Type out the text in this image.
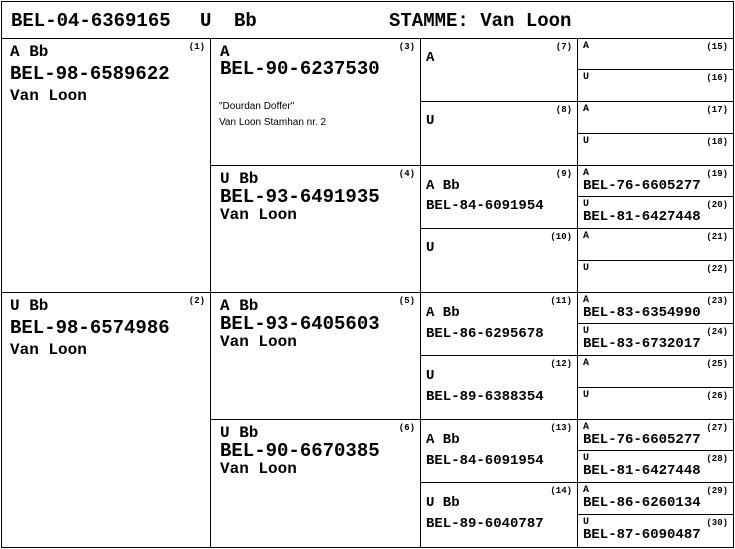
BEL-04-6369165 U Bb	STAMME: Van Loon
(1)
A Bb
BEL-98-6589622
Van Loon
(2)
U Bb
BEL-98-6574986
Van Loon
(3)
A
BEL-90-6237530
"Dourdan Doffer"
Van Loon Stamhan nr. 2
(4)
U Bb
BEL-93-6491935
Van Loon
(5)
A Bb
BEL-93-6405603
Van Loon
(6)
U Bb
BEL-90-6670385
Van Loon
(7)
A
(8)
U
(9)
A Bb
BEL-84-6091954
(10)
U
(11)
A Bb
BEL-86-6295678
(12)
U
BEL-89-6388354
(13)
A Bb
BEL-84-6091954
(14)
U Bb
BEL-89-6040787
(15)
A
(16)
U
(17)
A
(18)
U
(19)
A
BEL-76-6605277
(20)
U
BEL-81-6427448
(21)
A
(22)
U
(23)
A
BEL-83-6354990
(24)
U
BEL-83-6732017
(25)
A
(26)
U
(27)
A
BEL-76-6605277
(28)
U
BEL-81-6427448
(29)
A
BEL-86-6260134
(30)
U
BEL-87-6090487
